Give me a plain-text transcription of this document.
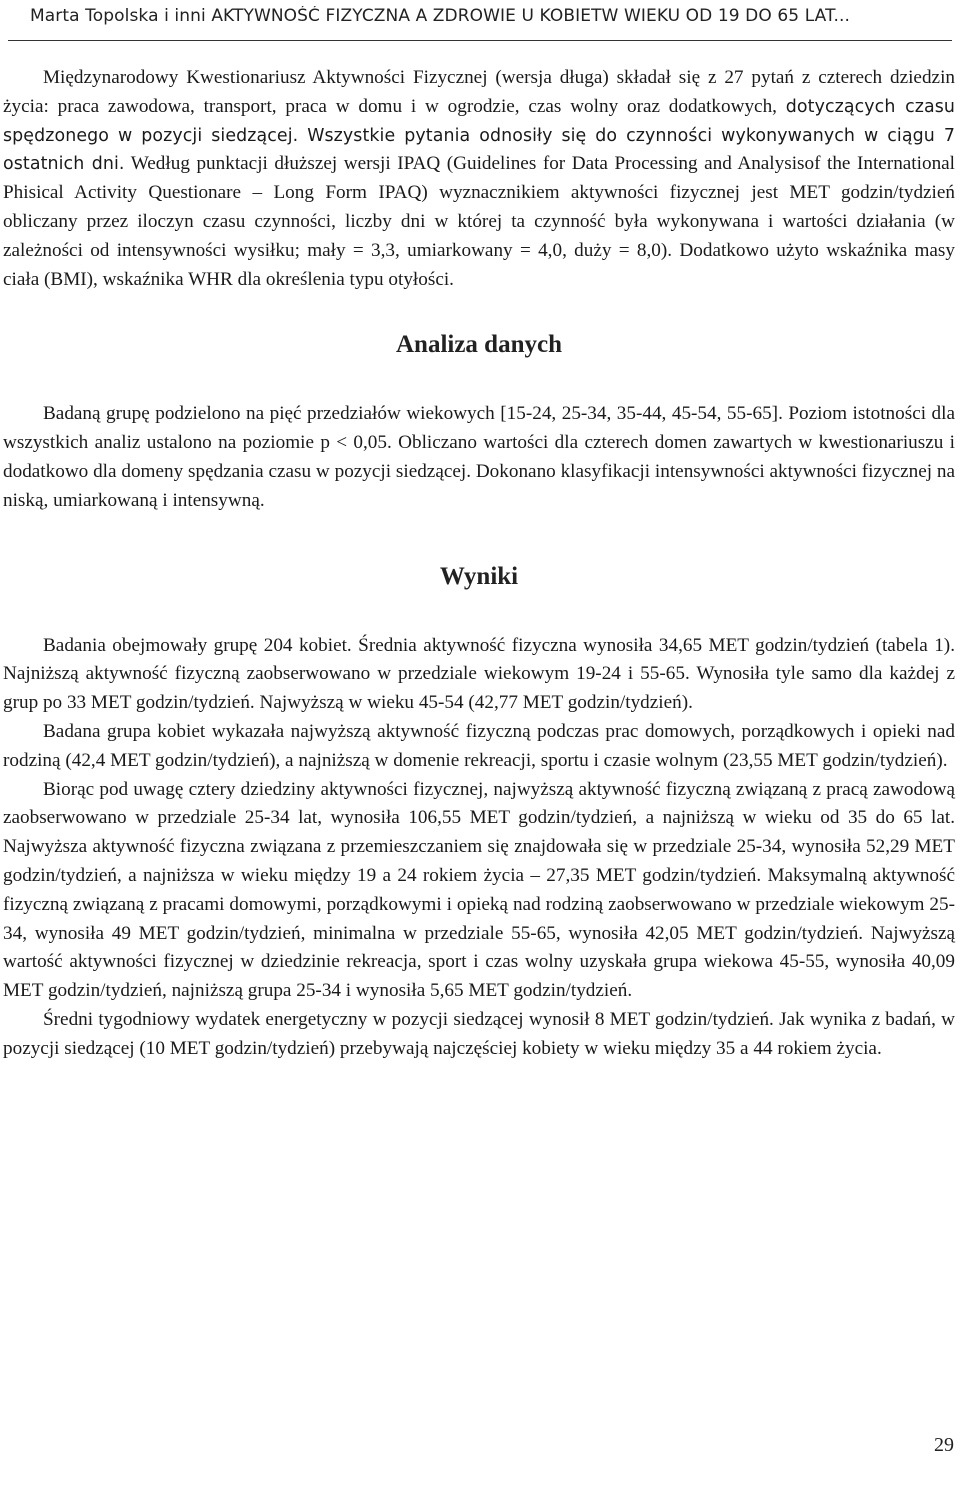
Marta Topolska i inni AKTYWNOŚĆ FIZYCZNA A ZDROWIE U KOBIETW WIEKU OD 19 DO 65 LAT...

Międzynarodowy Kwestionariusz Aktywności Fizycznej (wersja długa) składał się z 27 pytań z czterech dziedzin życia: praca zawodowa, transport, praca w domu i w ogrodzie, czas wolny oraz dodatkowych, dotyczących czasu spędzonego w pozycji siedzącej. Wszystkie pytania odnosiły się do czynności wykonywanych w ciągu 7 ostatnich dni. Według punktacji dłuższej wersji IPAQ (Guidelines for Data Processing and Analysisof the International Phisical Activity Questionare – Long Form IPAQ) wyznacznikiem aktywności fizycznej jest MET godzin/tydzień obliczany przez iloczyn czasu czynności, liczby dni w której ta czynność była wykonywana i wartości działania (w zależności od intensywności wysiłku; mały = 3,3, umiarkowany = 4,0, duży = 8,0). Dodatkowo użyto wskaźnika masy ciała (BMI), wskaźnika WHR dla określenia typu otyłości.

Analiza danych

Badaną grupę podzielono na pięć przedziałów wiekowych [15-24, 25-34, 35-44, 45-54, 55-65]. Poziom istotności dla wszystkich analiz ustalono na poziomie p < 0,05. Obliczano wartości dla czterech domen zawartych w kwestionariuszu i dodatkowo dla domeny spędzania czasu w pozycji siedzącej. Dokonano klasyfikacji intensywności aktywności fizycznej na niską, umiarkowaną i intensywną.

Wyniki

Badania obejmowały grupę 204 kobiet. Średnia aktywność fizyczna wynosiła 34,65 MET godzin/tydzień (tabela 1). Najniższą aktywność fizyczną zaobserwowano w przedziale wiekowym 19-24 i 55-65. Wynosiła tyle samo dla każdej z grup po 33 MET godzin/tydzień. Najwyższą w wieku 45-54 (42,77 MET godzin/tydzień).

Badana grupa kobiet wykazała najwyższą aktywność fizyczną podczas prac domowych, porządkowych i opieki nad rodziną (42,4 MET godzin/tydzień), a najniższą w domenie rekreacji, sportu i czasie wolnym (23,55 MET godzin/tydzień).

Biorąc pod uwagę cztery dziedziny aktywności fizycznej, najwyższą aktywność fizyczną związaną z pracą zawodową zaobserwowano w przedziale 25-34 lat, wynosiła 106,55 MET godzin/tydzień, a najniższą w wieku od 35 do 65 lat. Najwyższa aktywność fizyczna związana z przemieszczaniem się znajdowała się w przedziale 25-34, wynosiła 52,29 MET godzin/tydzień, a najniższa w wieku między 19 a 24 rokiem życia – 27,35 MET godzin/tydzień. Maksymalną aktywność fizyczną związaną z pracami domowymi, porządkowymi i opieką nad rodziną zaobserwowano w przedziale wiekowym 25-34, wynosiła 49 MET godzin/tydzień, minimalna w przedziale 55-65, wynosiła 42,05 MET godzin/tydzień. Najwyższą wartość aktywności fizycznej w dziedzinie rekreacja, sport i czas wolny uzyskała grupa wiekowa 45-55, wynosiła 40,09 MET godzin/tydzień, najniższą grupa 25-34 i wynosiła 5,65 MET godzin/tydzień.

Średni tygodniowy wydatek energetyczny w pozycji siedzącej wynosił 8 MET godzin/tydzień. Jak wynika z badań, w pozycji siedzącej (10 MET godzin/tydzień) przebywają najczęściej kobiety w wieku między 35 a 44 rokiem życia.

29
